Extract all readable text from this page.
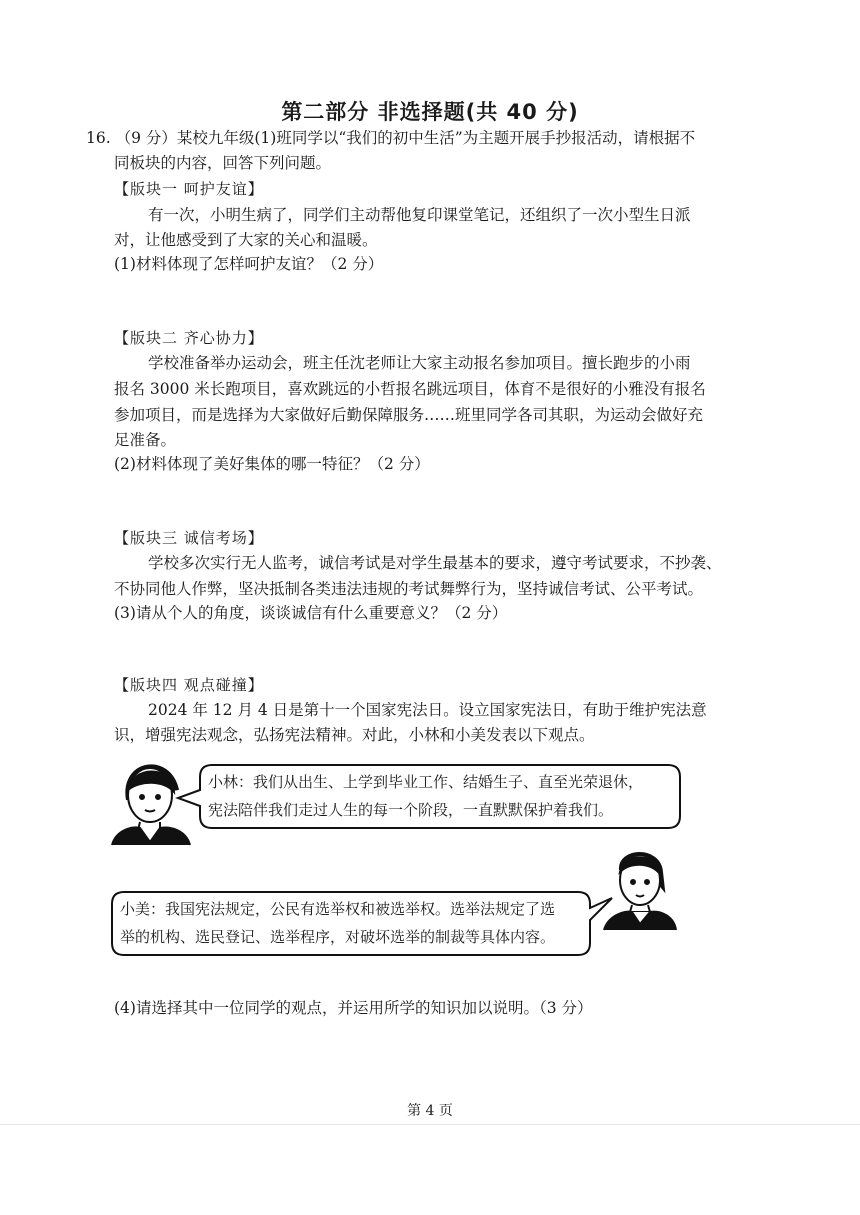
第二部分 非选择题(共 40 分)
16. （9 分）某校九年级(1)班同学以“我们的初中生活”为主题开展手抄报活动，请根据不
同板块的内容，回答下列问题。
【版块一 呵护友谊】
有一次，小明生病了，同学们主动帮他复印课堂笔记，还组织了一次小型生日派
对，让他感受到了大家的关心和温暖。
(1)材料体现了怎样呵护友谊？（2 分）
【版块二 齐心协力】
学校准备举办运动会，班主任沈老师让大家主动报名参加项目。擅长跑步的小雨
报名 3000 米长跑项目，喜欢跳远的小哲报名跳远项目，体育不是很好的小雅没有报名
参加项目，而是选择为大家做好后勤保障服务……班里同学各司其职，为运动会做好充
足准备。
(2)材料体现了美好集体的哪一特征？（2 分）
【版块三 诚信考场】
学校多次实行无人监考，诚信考试是对学生最基本的要求，遵守考试要求，不抄袭、
不协同他人作弊，坚决抵制各类违法违规的考试舞弊行为，坚持诚信考试、公平考试。
(3)请从个人的角度，谈谈诚信有什么重要意义？（2 分）
【版块四 观点碰撞】
2024 年 12 月 4 日是第十一个国家宪法日。设立国家宪法日，有助于维护宪法意
识，增强宪法观念，弘扬宪法精神。对此，小林和小美发表以下观点。
小林：我们从出生、上学到毕业工作、结婚生子、直至光荣退休，
宪法陪伴我们走过人生的每一个阶段，一直默默保护着我们。
小美：我国宪法规定，公民有选举权和被选举权。选举法规定了选
举的机构、选民登记、选举程序，对破坏选举的制裁等具体内容。
(4)请选择其中一位同学的观点，并运用所学的知识加以说明。（3 分）
第 4 页
